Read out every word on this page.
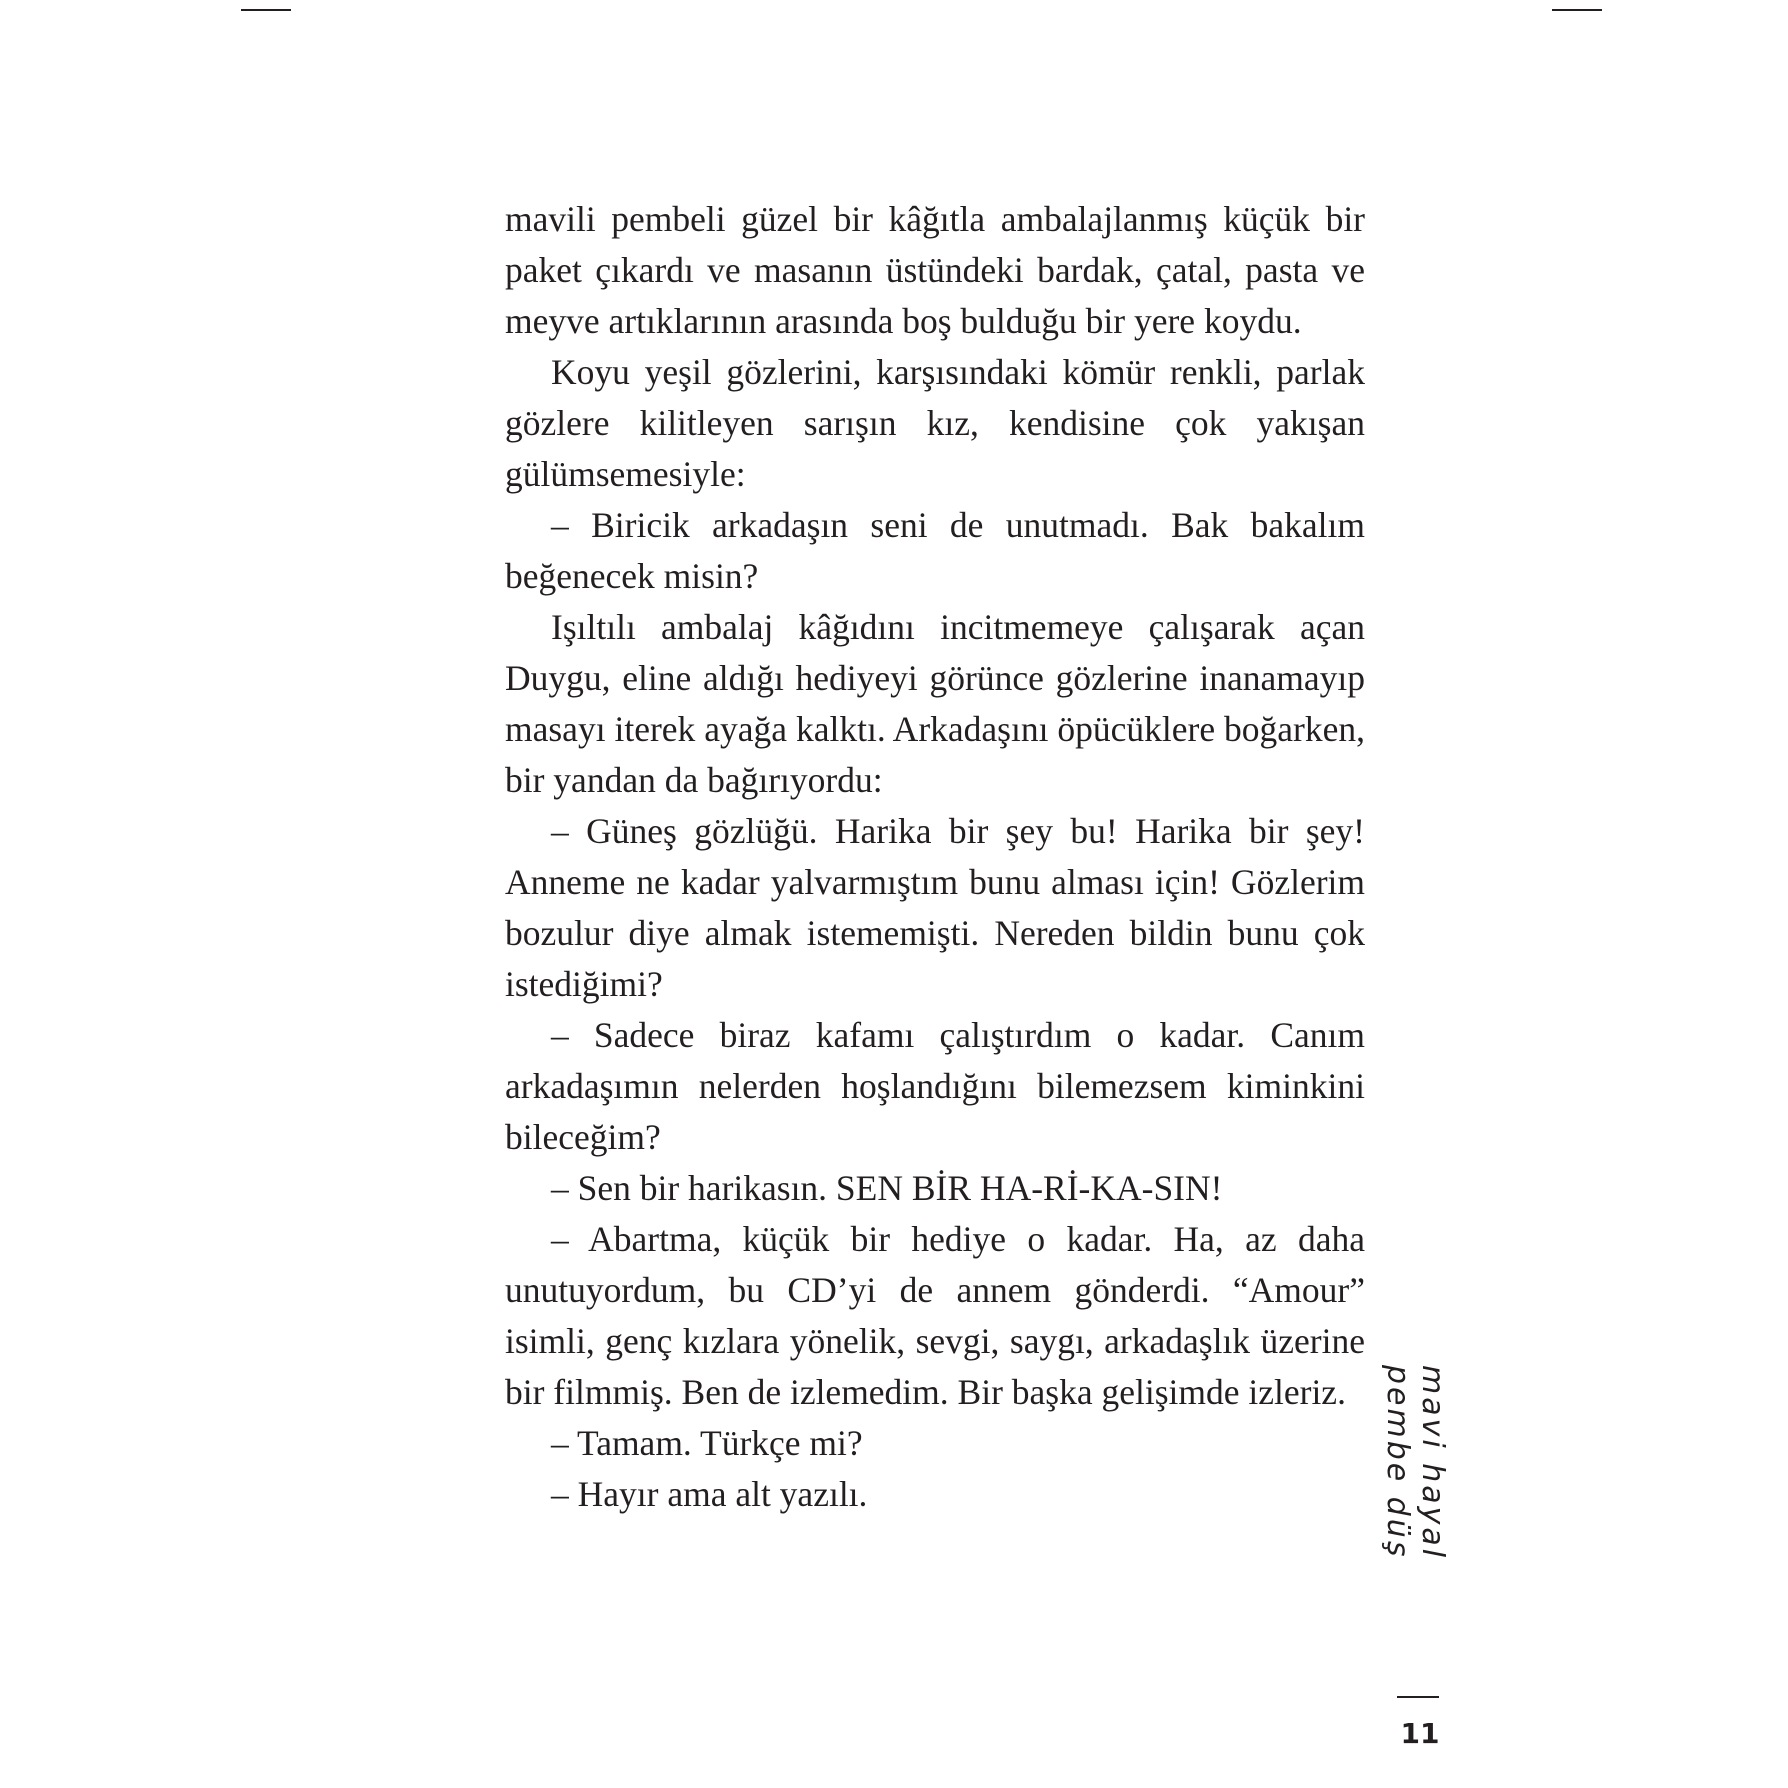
mavili pembeli güzel bir kâğıtla ambalajlanmış küçük bir paket çıkardı ve masanın üstündeki bardak, çatal, pasta ve meyve artıklarının arasında boş bulduğu bir yere koydu.

Koyu yeşil gözlerini, karşısındaki kömür renkli, parlak gözlere kilitleyen sarışın kız, kendisine çok yakışan gülümsemesiyle:

– Biricik arkadaşın seni de unutmadı. Bak bakalım beğenecek misin?

Işıltılı ambalaj kâğıdını incitmemeye çalışarak açan Duygu, eline aldığı hediyeyi görünce gözlerine inanamayıp masayı iterek ayağa kalktı. Arkadaşını öpücüklere boğarken, bir yandan da bağırıyordu:

– Güneş gözlüğü. Harika bir şey bu! Harika bir şey! Anneme ne kadar yalvarmıştım bunu alması için! Gözlerim bozulur diye almak istememişti. Nereden bildin bunu çok istediğimi?

– Sadece biraz kafamı çalıştırdım o kadar. Canım arkadaşımın nelerden hoşlandığını bilemezsem kiminkini bileceğim?

– Sen bir harikasın. SEN BİR HA-Rİ-KA-SIN!

– Abartma, küçük bir hediye o kadar. Ha, az daha unutuyordum, bu CD’yi de annem gönderdi. “Amour” isimli, genç kızlara yönelik, sevgi, saygı, arkadaşlık üzerine bir filmmiş. Ben de izlemedim. Bir başka gelişimde izleriz.

– Tamam. Türkçe mi?

– Hayır ama alt yazılı.	mavi hayal pembe düş
11
